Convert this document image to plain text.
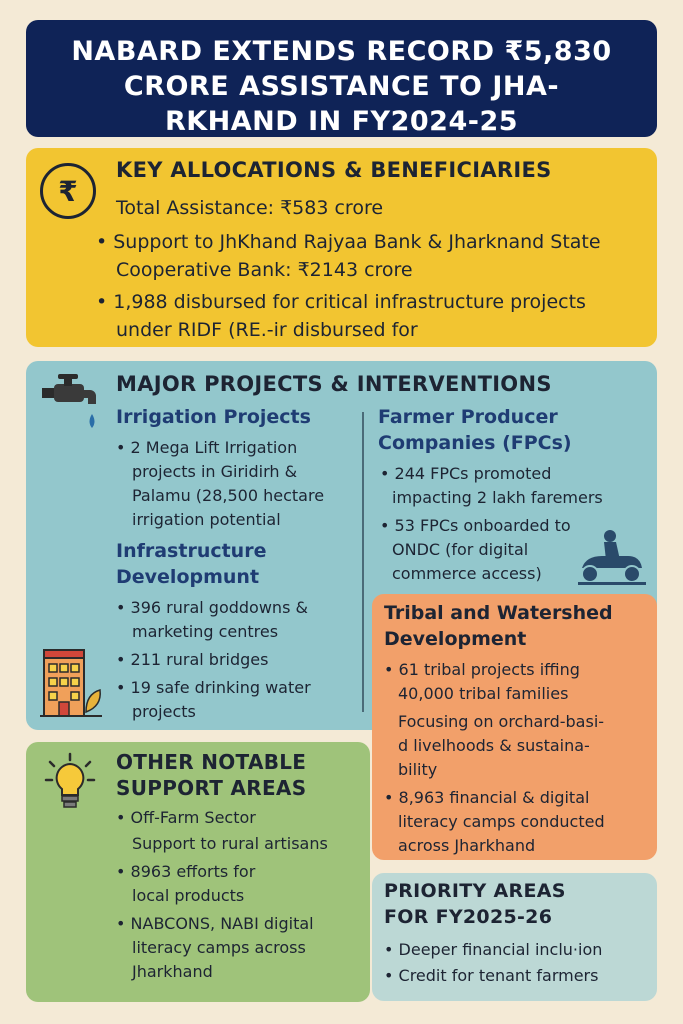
NABARD EXTENDS RECORD ₹5,830
CRORE ASSISTANCE TO JHA-
RKHAND IN FY2024-25
₹
KEY ALLOCATIONS & BENEFICIARIES

Total Assistance: ₹583 crore

• Support to JhKhand Rajyaa Bank & Jharknand State

Cooperative Bank: ₹2143 crore

• 1,988 disbursed for critical infrastructure projects

under RIDF (RE.-ir disbursed for

MAJOR PROJECTS & INTERVENTIONS
Irrigation Projects

• 2 Mega Lift Irrigation

projects in Giridirh &

Palamu (28,500 hectare

irrigation potential

Infrastructure
Developmunt

• 396 rural goddowns &

marketing centres

• 211 rural bridges

• 19 safe drinking water

projects

Farmer Producer
Companies (FPCs)

• 244 FPCs promoted

impacting 2 lakh faremers

• 53 FPCs onboarded to

ONDC (for digital

commerce access)

Tribal and Watershed
Development

• 61 tribal projects iffing

40,000 tribal families

Focusing on orchard-basi-

d livelhoods & sustaina-

bility

• 8,963 financial & digital

literacy camps conducted

across Jharkhand

OTHER NOTABLE
SUPPORT AREAS

• Off-Farm Sector

Support to rural artisans

• 8963 efforts for

local products

• NABCONS, NABI digital

literacy camps across

Jharkhand

PRIORITY AREAS
FOR FY2025-26

• Deeper financial inclu·ion

• Credit for tenant farmers
